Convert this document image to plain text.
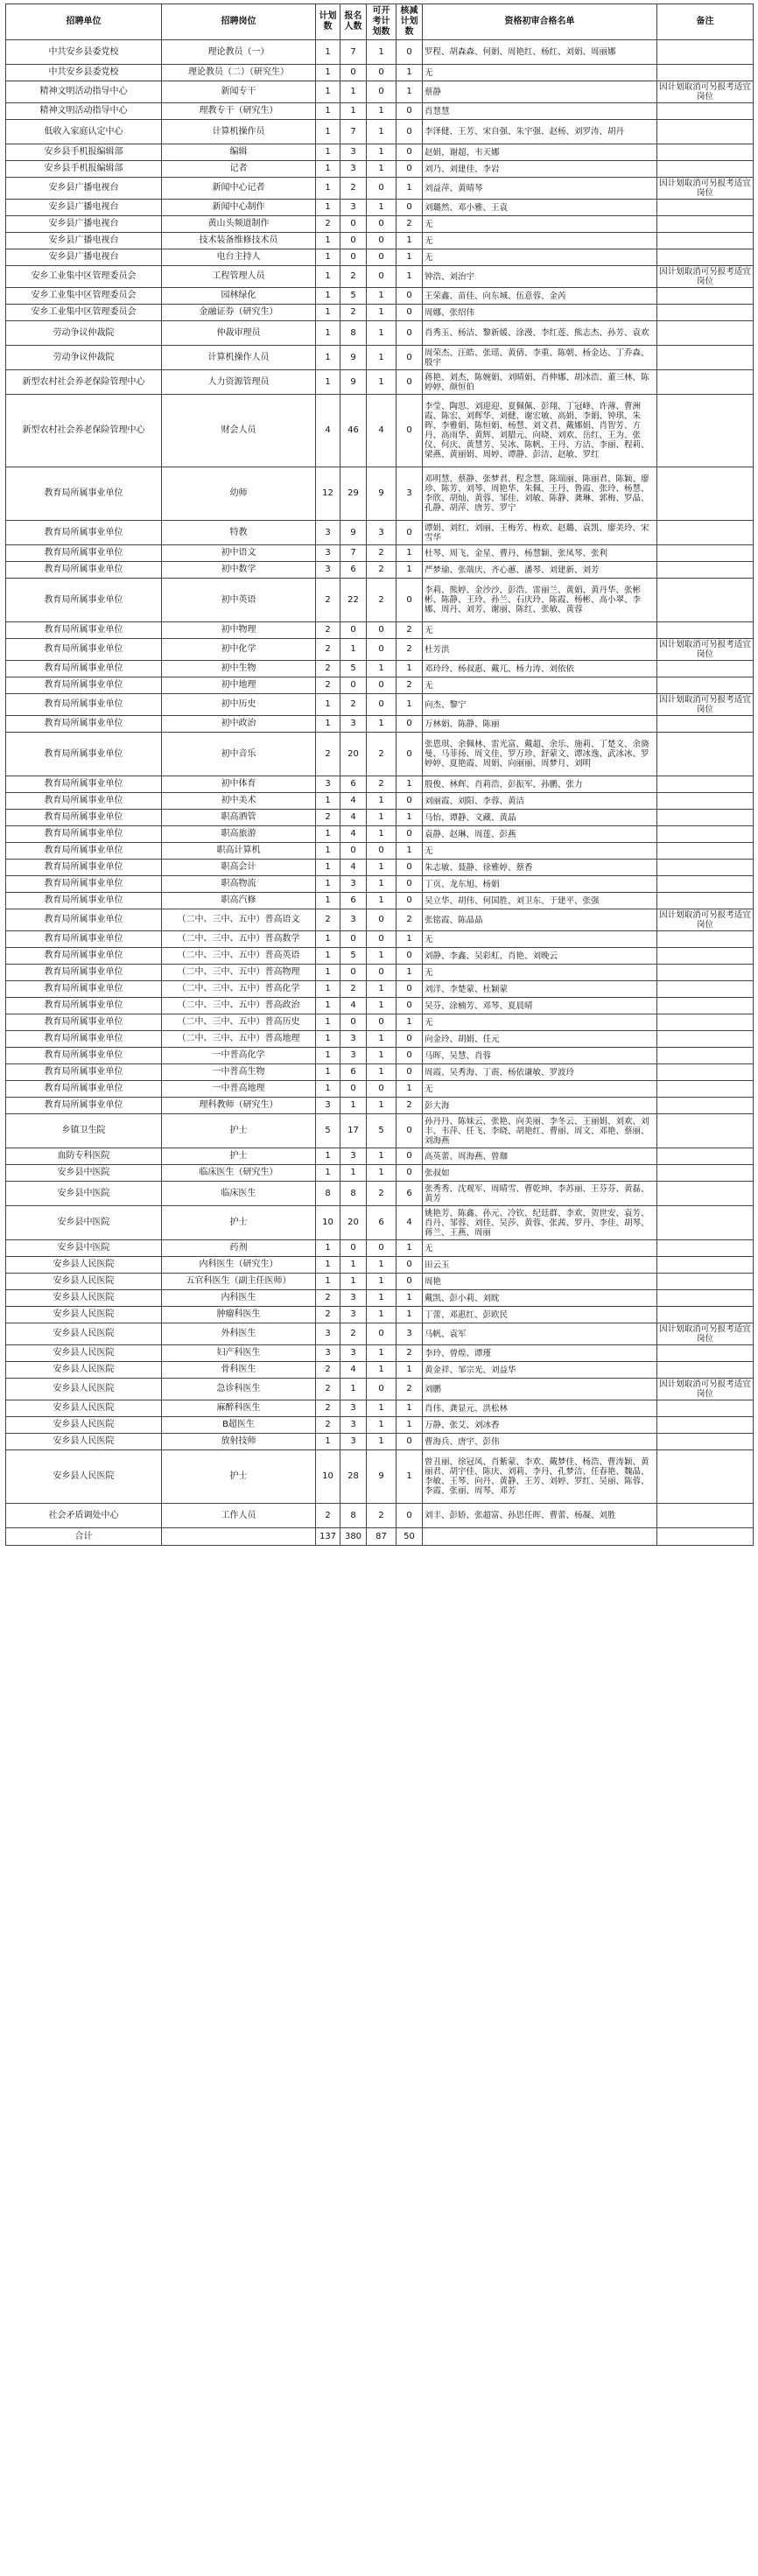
招聘单位	招聘岗位	计划数	报名人数	可开考计划数	核减计划数	资格初审合格名单	备注
中共安乡县委党校	理论教员（一）	1	7	1	0	罗程、胡森森、何娟、周艳红、杨红、刘娟、周丽娜	
中共安乡县委党校	理论教员（二）（研究生）	1	0	0	1	无	
精神文明活动指导中心	新闻专干	1	1	0	1	蔡静	因计划取消可另报考适宜岗位
精神文明活动指导中心	理教专干（研究生）	1	1	1	0	肖慧慧	
低收入家庭认定中心	计算机操作员	1	7	1	0	李泽健、王芳、宋自强、朱宇强、赵杨、刘罗涛、胡丹	
安乡县手机报编辑部	编辑	1	3	1	0	赵娟、谢超、韦天娜	
安乡县手机报编辑部	记者	1	3	1	0	刘乃、刘建佳、李岩	
安乡县广播电视台	新闻中心记者	1	2	0	1	刘益萍、黄晴琴	因计划取消可另报考适宜岗位
安乡县广播电视台	新闻中心制作	1	3	1	0	刘璐然、邓小雅、王袁	
安乡县广播电视台	黄山头频道制作	2	0	0	2	无	
安乡县广播电视台	技术装备维修技术员	1	0	0	1	无	
安乡县广播电视台	电台主持人	1	0	0	1	无	
安乡工业集中区管理委员会	工程管理人员	1	2	0	1	钟浩、刘治宇	因计划取消可另报考适宜岗位
安乡工业集中区管理委员会	园林绿化	1	5	1	0	王荣鑫、苗佳、向东城、伍意蓉、金芮	
安乡工业集中区管理委员会	金融证券（研究生）	1	2	1	0	周娜、张绍伟	
劳动争议仲裁院	仲裁审理员	1	8	1	0	肖秀玉、杨洁、黎新媛、涂漫、李红莲、熊志杰、孙芳、袁欢	
劳动争议仲裁院	计算机操作人员	1	9	1	0	周荣杰、汪皓、张瑶、黄倩、李重、陈朝、杨金达、丁乔森、殷宇	
新型农村社会养老保险管理中心	人力资源管理员	1	9	1	0	蒋艳、刘杰、陈婉娟、刘晴娟、肖伸娜、胡冰浩、董三林、陈婷婷、颜恒伯	
新型农村社会养老保险管理中心	财会人员	4	46	4	0	李莹、陶思、刘迎迎、夏佩佩、彭翔、丁冠峰、许薄、曹洲霞、陈宏、刘辉华、刘健、谢宏敏、高娟、李娟、钟琪、朱晖、李雅娟、陈恒娟、杨慧、刘文君、戴娜娟、肖智芳、方丹、高雨华、黄辉、刘腊元、向晓、刘欢、岳红、王为、张仪、何庆、黄慧芳、吴冰、陈帆、王丹、方洁、李丽、程莉、梁燕、黄丽娟、周婷、谭静、彭洁、赵敏、罗红	
教育局所属事业单位	幼师	12	29	9	3	邓明慧、蔡静、张梦君、程念慧、陈瑞丽、陈丽君、陈颖、廖珍、陈芳、刘琴、周艳华、朱佩、王丹、鲁霞、张玲、杨慧、李欣、胡灿、黄蓉、邹佳、刘敏、陈静、龚琳、郭梅、罗晶、孔静、胡萍、唐芳、罗宁	
教育局所属事业单位	特教	3	9	3	0	谭娟、刘红、刘丽、王梅芳、梅欢、赵璐、袁凯、廖美玲、宋雪华	
教育局所属事业单位	初中语文	3	7	2	1	杜琴、周飞、金星、曹丹、杨慧颖、张凤琴、张利	
教育局所属事业单位	初中数学	3	6	2	1	严梦瑜、张端庆、齐心蕙、潘琴、刘建新、刘芳	
教育局所属事业单位	初中英语	2	22	2	0	李莉、熊婷、金沙沙、彭浩、雷丽兰、黄娟、黄丹华、张彬彬、陈静、王玲、孙兰、石庆玲、陈霞、杨彬、高小翠、李娜、周丹、刘芳、谢丽、陈红、张敏、黄蓉	
教育局所属事业单位	初中物理	2	0	0	2	无	
教育局所属事业单位	初中化学	2	1	0	2	杜芳洪	因计划取消可另报考适宜岗位
教育局所属事业单位	初中生物	2	5	1	1	邓玲玲、杨叔惠、戴兀、杨力涛、刘依依	
教育局所属事业单位	初中地理	2	0	0	2	无	
教育局所属事业单位	初中历史	1	2	0	1	向杰、黎宁	因计划取消可另报考适宜岗位
教育局所属事业单位	初中政治	1	3	1	0	万林娟、陈静、陈丽	
教育局所属事业单位	初中音乐	2	20	2	0	张恩琪、余佩林、雷光富、戴超、余乐、施莉、丁楚文、余旖曼、马菲扬、周文佳、罗万珍、舒蒙文、谭冰逸、武冰冰、罗婷婷、夏艳霞、周娟、向丽丽、周梦月、刘明	
教育局所属事业单位	初中体育	3	6	2	1	殷俊、林辉、肖莉浩、彭振军、孙鹏、张力	
教育局所属事业单位	初中美术	1	4	1	0	刘丽霞、刘阳、李蓉、黄洁	
教育局所属事业单位	职高酒管	2	4	1	1	马怡、谭静、文藏、黄晶	
教育局所属事业单位	职高旅游	1	4	1	0	袁静、赵琳、周莲、彭燕	
教育局所属事业单位	职高计算机	1	0	0	1	无	
教育局所属事业单位	职高会计	1	4	1	0	朱志敏、聂静、徐雅婷、蔡香	
教育局所属事业单位	职高物流	1	3	1	0	丁页、龙东旭、杨娟	
教育局所属事业单位	职高汽修	1	6	1	0	吴立华、胡伟、何国胜、刘卫东、于建平、张强	
教育局所属事业单位	（二中、三中、五中）普高语文	2	3	0	2	张铭霞、陈晶晶	因计划取消可另报考适宜岗位
教育局所属事业单位	（二中、三中、五中）普高数学	1	0	0	1	无	
教育局所属事业单位	（二中、三中、五中）普高英语	1	5	1	0	刘静、李鑫、吴彩虹、肖艳、刘晚云	
教育局所属事业单位	（二中、三中、五中）普高物理	1	0	0	1	无	
教育局所属事业单位	（二中、三中、五中）普高化学	1	2	1	0	刘洋、李楚蒙、杜颖蒙	
教育局所属事业单位	（二中、三中、五中）普高政治	1	4	1	0	吴芬、涂楠芳、邓琴、夏晨晴	
教育局所属事业单位	（二中、三中、五中）普高历史	1	0	0	1	无	
教育局所属事业单位	（二中、三中、五中）普高地理	1	3	1	0	向金玲、胡娟、任元	
教育局所属事业单位	一中普高化学	1	3	1	0	马晖、吴慧、肖蓉	
教育局所属事业单位	一中普高生物	1	6	1	0	周霞、吴秀海、丁震、杨依谦敏、罗波玲	
教育局所属事业单位	一中普高地理	1	0	0	1	无	
教育局所属事业单位	理科教师（研究生）	3	1	1	2	彭大海	
乡镇卫生院	护士	5	17	5	0	孙丹丹、陈妹云、张艳、向美丽、李冬云、王丽娟、刘欢、刘丰、韦萍、任飞、李晓、胡艳红、曹丽、周文、邓艳、蔡丽、刘海燕	
血防专科医院	护士	1	3	1	0	高英蕾、周海燕、曾珈	
安乡县中医院	临床医生（研究生）	1	1	1	0	张叔如	
安乡县中医院	临床医生	8	8	2	6	张秀秀、沈观军、周晴雪、曹乾坤、李苏丽、王芬芬、黄磊、黄芳	
安乡县中医院	护士	10	20	6	4	姚艳芳、陈鑫、孙元、冷钦、纪廷群、李欢、贺世安、袁芳、肖丹、邹蓉、刘佳、吴莎、黄蓉、张茜、罗丹、李佳、胡琴、蒋兰、王燕、周丽	
安乡县中医院	药剂	1	0	0	1	无	
安乡县人民医院	内科医生（研究生）	1	1	1	0	田云玉	
安乡县人民医院	五官科医生（副主任医师）	1	1	1	0	周艳	
安乡县人民医院	内科医生	2	3	1	1	戴凯、彭小莉、刘眈	
安乡县人民医院	肿瘤科医生	2	3	1	1	丁蕾、邓惠红、彭欧民	
安乡县人民医院	外科医生	3	2	0	3	马帆、袁军	因计划取消可另报考适宜岗位
安乡县人民医院	妇产科医生	3	3	1	2	李玲、曾煌、谭瑾	
安乡县人民医院	骨科医生	2	4	1	1	黄金祥、邹宗光、刘益华	
安乡县人民医院	急诊科医生	2	1	0	2	刘鹏	因计划取消可另报考适宜岗位
安乡县人民医院	麻醉科医生	2	3	1	1	肖伟、龚显元、洪松林	
安乡县人民医院	B超医生	2	3	1	1	万静、张艾、刘冰香	
安乡县人民医院	放射技师	1	3	1	0	曹海兵、唐宇、彭伟	
安乡县人民医院	护士	10	28	9	1	曾丑丽、徐冠凤、肖紫蒙、李欢、戴梦佳、杨浩、曹涛颖、黄丽君、胡宇佳、陈庆、刘莉、李丹、孔梦洁、任春艳、魏晶、李敏、王琴、向丹、黄静、王芳、刘婷、罗红、吴丽、陈蓉、李霞、张丽、周琴、邓芳	
社会矛盾调处中心	工作人员	2	8	2	0	刘丰、彭娇、张超富、孙思任晖、曹蕾、杨凝、刘胜	
合计		137	380	87	50		
